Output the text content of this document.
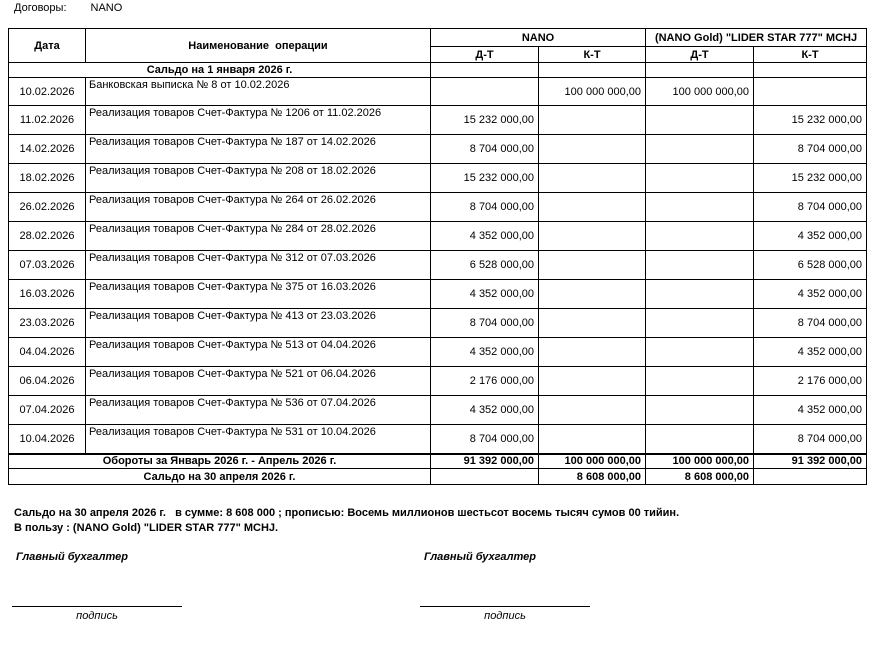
Договоры: NANO
Дата	Наименование  операции	NANO		(NANO Gold) "LIDER STAR 777" MCHJ	
		Д-Т	К-Т	Д-Т	К-Т
Сальдо на 1 января 2026 г.					
10.02.2026	Банковская выписка № 8 от 10.02.2026		100 000 000,00	100 000 000,00	
11.02.2026	Реализация товаров Счет-Фактура № 1206 от 11.02.2026	15 232 000,00			15 232 000,00
14.02.2026	Реализация товаров Счет-Фактура № 187 от 14.02.2026	8 704 000,00			8 704 000,00
18.02.2026	Реализация товаров Счет-Фактура № 208 от 18.02.2026	15 232 000,00			15 232 000,00
26.02.2026	Реализация товаров Счет-Фактура № 264 от 26.02.2026	8 704 000,00			8 704 000,00
28.02.2026	Реализация товаров Счет-Фактура № 284 от 28.02.2026	4 352 000,00			4 352 000,00
07.03.2026	Реализация товаров Счет-Фактура № 312 от 07.03.2026	6 528 000,00			6 528 000,00
16.03.2026	Реализация товаров Счет-Фактура № 375 от 16.03.2026	4 352 000,00			4 352 000,00
23.03.2026	Реализация товаров Счет-Фактура № 413 от 23.03.2026	8 704 000,00			8 704 000,00
04.04.2026	Реализация товаров Счет-Фактура № 513 от 04.04.2026	4 352 000,00			4 352 000,00
06.04.2026	Реализация товаров Счет-Фактура № 521 от 06.04.2026	2 176 000,00			2 176 000,00
07.04.2026	Реализация товаров Счет-Фактура № 536 от 07.04.2026	4 352 000,00			4 352 000,00
10.04.2026	Реализация товаров Счет-Фактура № 531 от 10.04.2026	8 704 000,00			8 704 000,00
Обороты за Январь 2026 г. - Апрель 2026 г.		91 392 000,00	100 000 000,00	100 000 000,00	91 392 000,00
Сальдо на 30 апреля 2026 г.			8 608 000,00	8 608 000,00	
Сальдо на 30 апреля 2026 г.   в сумме: 8 608 000 ; прописью: Восемь миллионов шестьсот восемь тысяч сумов 00 тийин.
В пользу : (NANO Gold) "LIDER STAR 777" MCHJ.
Главный бухгалтер
подпись
Главный бухгалтер
подпись
